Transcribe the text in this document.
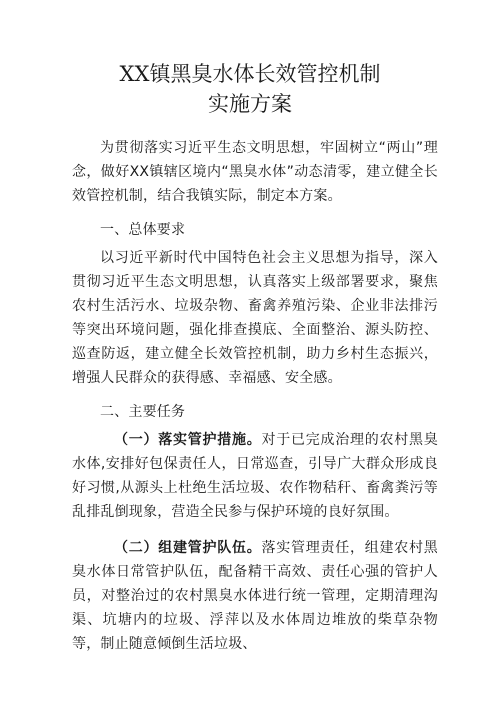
XX镇黑臭水体长效管控机制
实施方案

为贯彻落实习近平生态文明思想，牢固树立“两山”理念，做好XX镇辖区境内“黑臭水体”动态清零，建立健全长效管控机制，结合我镇实际，制定本方案。

一、总体要求

以习近平新时代中国特色社会主义思想为指导，深入贯彻习近平生态文明思想，认真落实上级部署要求，聚焦农村生活污水、垃圾杂物、畜禽养殖污染、企业非法排污等突出环境问题，强化排查摸底、全面整治、源头防控、巡查防返，建立健全长效管控机制，助力乡村生态振兴，增强人民群众的获得感、幸福感、安全感。

二、主要任务

（一）落实管护措施。对于已完成治理的农村黑臭水体,安排好包保责任人，日常巡查，引导广大群众形成良好习惯,从源头上杜绝生活垃圾、农作物秸秆、畜禽粪污等乱排乱倒现象，营造全民参与保护环境的良好氛围。

（二）组建管护队伍。落实管理责任，组建农村黑臭水体日常管护队伍，配备精干高效、责任心强的管护人员，对整治过的农村黑臭水体进行统一管理，定期清理沟渠、坑塘内的垃圾、浮萍以及水体周边堆放的柴草杂物等，制止随意倾倒生活垃圾、
